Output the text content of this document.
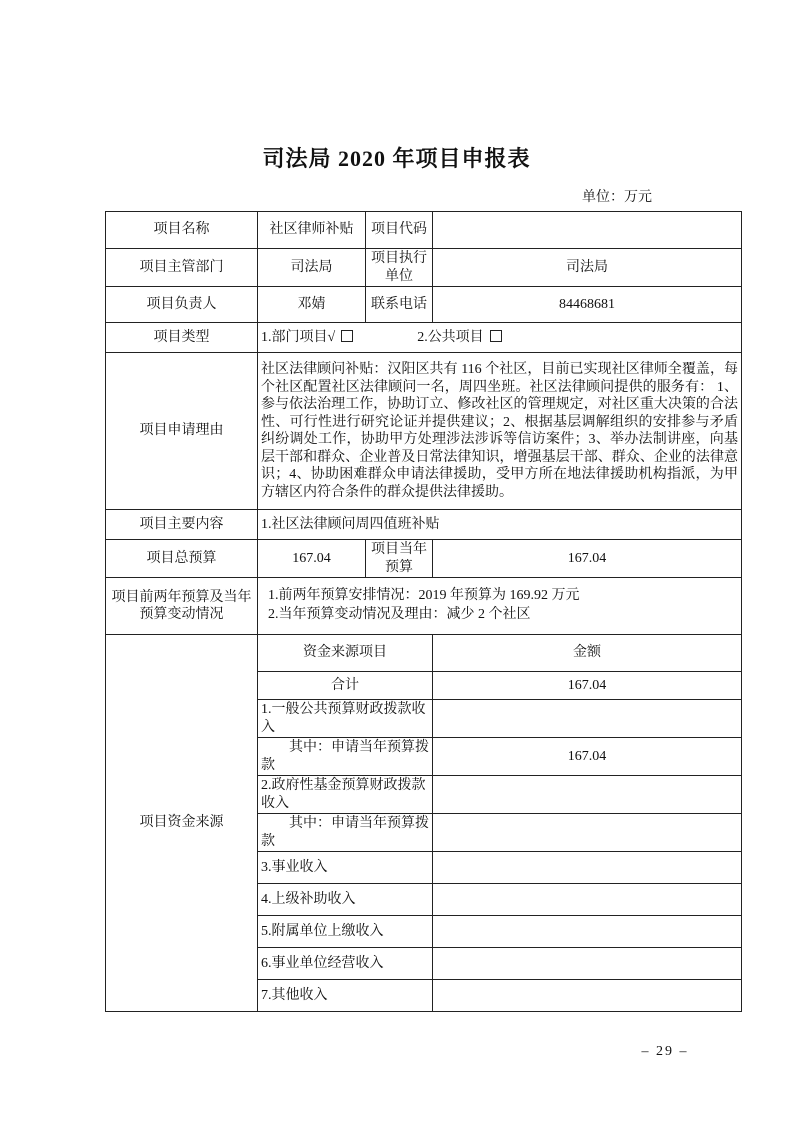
司法局 2020 年项目申报表
单位：万元
项目名称	社区律师补贴	项目代码	
项目主管部门	司法局	项目执行单位	司法局
项目负责人	邓婧	联系电话	84468681
项目类型	1.部门项目√ 2.公共项目		
项目申请理由	社区法律顾问补贴：汉阳区共有 116 个社区，目前已实现社区律师全覆盖，每个社区配置社区法律顾问一名，周四坐班。社区法律顾问提供的服务有： 1、参与依法治理工作，协助订立、修改社区的管理规定，对社区重大决策的合法性、可行性进行研究论证并提供建议；2、根据基层调解组织的安排参与矛盾纠纷调处工作，协助甲方处理涉法涉诉等信访案件；3、举办法制讲座，向基层干部和群众、企业普及日常法律知识，增强基层干部、群众、企业的法律意识；4、协助困难群众申请法律援助，受甲方所在地法律援助机构指派，为甲方辖区内符合条件的群众提供法律援助。		
项目主要内容	1.社区法律顾问周四值班补贴		
项目总预算	167.04	项目当年预算	167.04
项目前两年预算及当年预算变动情况	1.前两年预算安排情况：2019 年预算为 169.92 万元
2.当年预算变动情况及理由：减少 2 个社区		

项目资金来源	资金来源项目		金额
	合计		167.04
	1.一般公共预算财政拨款收入		
	其中：申请当年预算拨款		167.04
	2.政府性基金预算财政拨款收入		
	其中：申请当年预算拨款		
	3.事业收入		
	4.上级补助收入		
	5.附属单位上缴收入		
	6.事业单位经营收入		
	7.其他收入		
– 29 –
